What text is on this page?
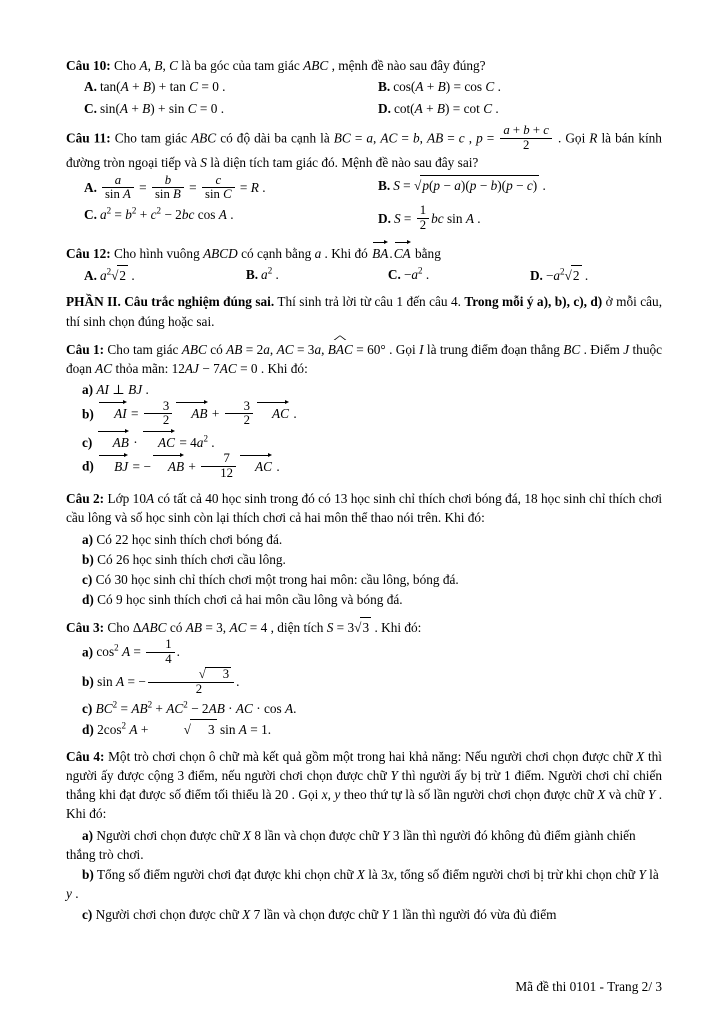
Câu 10: Cho A, B, C là ba góc của tam giác ABC , mệnh đề nào sau đây đúng?

A. tan(A + B) + tan C = 0 .	B. cos(A + B) = cos C .
C. sin(A + B) + sin C = 0 .	D. cot(A + B) = cot C .

Câu 11: Cho tam giác ABC có độ dài ba cạnh là BC = a, AC = b, AB = c , $p = \frac{a + b + c}{2}$ . Gọi R là bán kính đường tròn ngoại tiếp và S là diện tích tam giác đó. Mệnh đề nào sau đây sai?

A. $\frac{a}{\text{sin A}} = \frac{b}{\text{sin B}} = \frac{c}{\text{sin C}} = R$ .	B. S = √p(p − a)(p − b)(p − c) .
C. $a^2 = b^2 + c^2 - 2bc$ cos A .	D. $S = \frac{1}{2}$ bc sin A .

Câu 12: Cho hình vuông ABCD có cạnh bằng a . Khi đó BA.CA bằng

A. $a^2√2$ .	B. $a^2$ .	C. $-a^2$ .	D. $-a^2√2$ .

PHẦN II. Câu trắc nghiệm đúng sai. Thí sinh trả lời từ câu 1 đến câu 4. Trong mỗi ý a), b), c), d) ở mỗi câu, thí sinh chọn đúng hoặc sai.

Câu 1: Cho tam giác ABC có AB = 2a, AC = 3a, ^ BAC = 60° . Gọi I là trung điểm đoạn thẳng BC . Điểm J thuộc đoạn AC thỏa mãn: 12AJ − 7AC = 0 . Khi đó:

a) AI ⊥ BJ .

b) AI = $\frac{3}{2}$ AB + $\frac{3}{2}$ AC .

c) AB · AC = $4a^2$ .

d) BJ = − AB + $\frac{7}{12}$ AC .

Câu 2: Lớp 10A có tất cả 40 học sinh trong đó có 13 học sinh chỉ thích chơi bóng đá, 18 học sinh chỉ thích chơi cầu lông và số học sinh còn lại thích chơi cả hai môn thể thao nói trên. Khi đó:

a) Có 22 học sinh thích chơi bóng đá.

b) Có 26 học sinh thích chơi cầu lông.

c) Có 30 học sinh chỉ thích chơi một trong hai môn: cầu lông, bóng đá.

d) Có 9 học sinh thích chơi cả hai môn cầu lông và bóng đá.

Câu 3: Cho ΔABC có AB = 3, AC = 4 , diện tích S = 3√3 . Khi đó:

a) $\cos^2 A = \frac{1}{4}$ .

b) sin A = − $\frac{√ 3}{2}$ .

c) $BC^2 = AB^2 + AC^2 - 2AB$ · AC · cos A.

d) $2\cos^2$ A + √ 3 sin A = 1.

Câu 4: Một trò chơi chọn ô chữ mà kết quả gồm một trong hai khả năng: Nếu người chơi chọn được chữ X thì người ấy được cộng 3 điểm, nếu người chơi chọn được chữ Y thì người ấy bị trừ 1 điểm. Người chơi chỉ chiến thắng khi đạt được số điểm tối thiểu là 20 . Gọi x, y theo thứ tự là số lần người chơi chọn được chữ X và chữ Y . Khi đó:

a) Người chơi chọn được chữ X 8 lần và chọn được chữ Y 3 lần thì người đó không đủ điểm giành chiến thắng trò chơi.

b) Tổng số điểm người chơi đạt được khi chọn chữ X là 3x, tổng số điểm người chơi bị trừ khi chọn chữ Y là y .

c) Người chơi chọn được chữ X 7 lần và chọn được chữ Y 1 lần thì người đó vừa đủ điểm

Mã đề thi 0101 - Trang 2/ 3
